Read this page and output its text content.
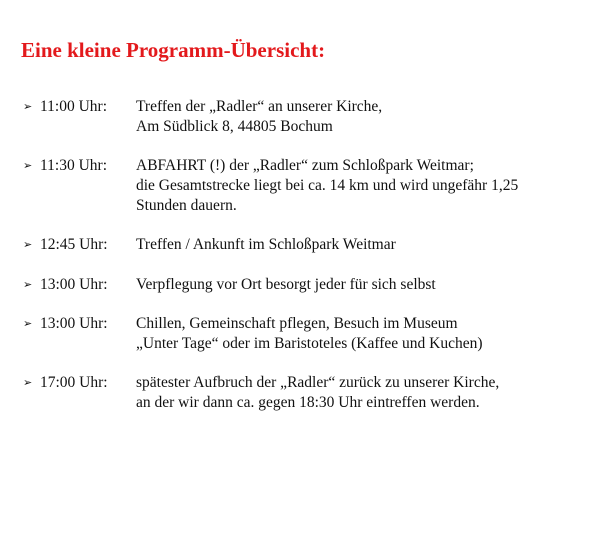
Eine kleine Programm-Übersicht:
➢ 11:00 Uhr: Treffen der „Radler“ an unserer Kirche,
Am Südblick 8, 44805 Bochum
➢ 11:30 Uhr: ABFAHRT (!) der „Radler“ zum Schloßpark Weitmar;
die Gesamtstrecke liegt bei ca. 14 km und wird ungefähr 1,25
Stunden dauern.
➢ 12:45 Uhr: Treffen / Ankunft im Schloßpark Weitmar
➢ 13:00 Uhr: Verpflegung vor Ort besorgt jeder für sich selbst
➢ 13:00 Uhr: Chillen, Gemeinschaft pflegen, Besuch im Museum
„Unter Tage“ oder im Baristoteles (Kaffee und Kuchen)
➢ 17:00 Uhr: spätester Aufbruch der „Radler“ zurück zu unserer Kirche,
an der wir dann ca. gegen 18:30 Uhr eintreffen werden.
